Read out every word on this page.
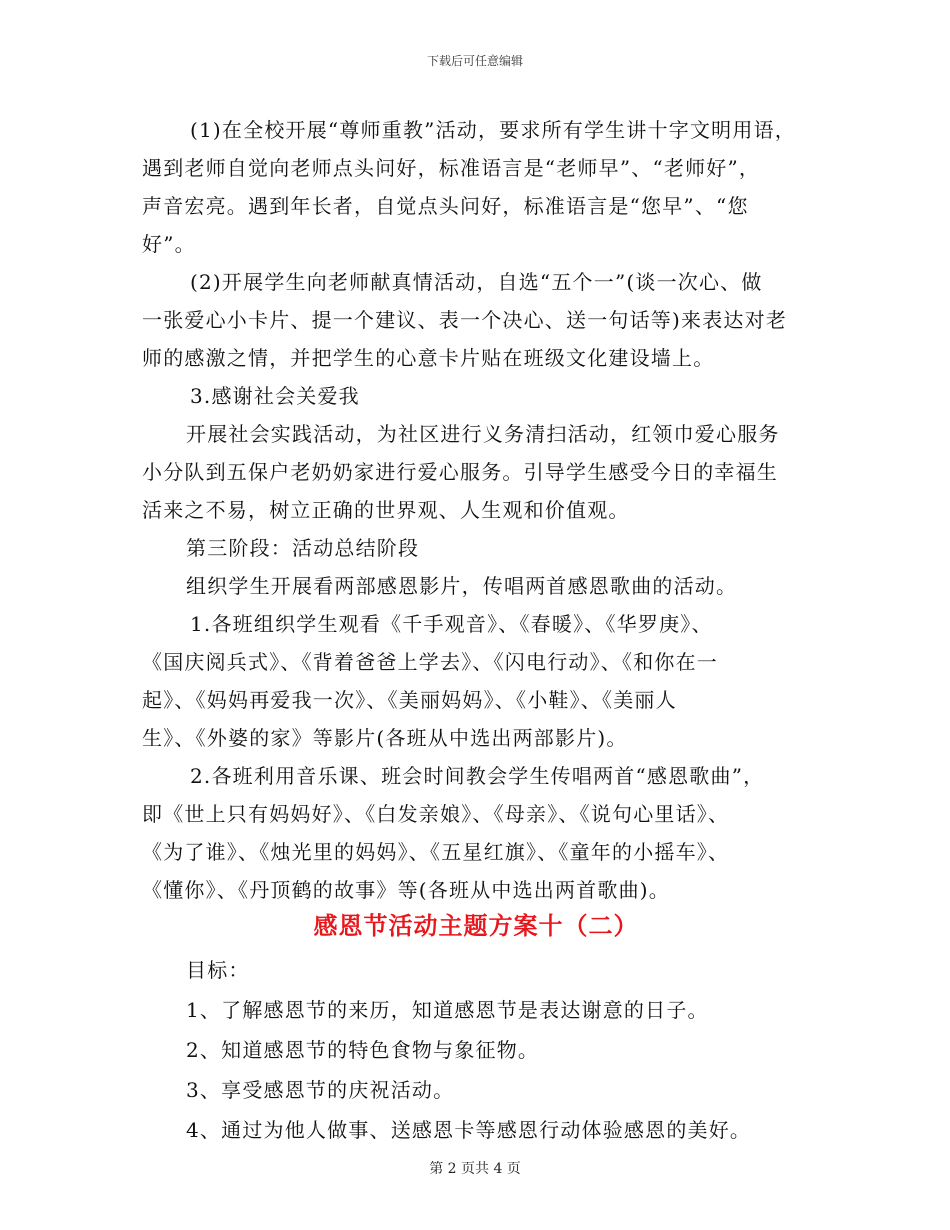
下载后可任意编辑
(1)在全校开展“尊师重教”活动，要求所有学生讲十字文明用语，
遇到老师自觉向老师点头问好，标准语言是“老师早”、“老师好”，
声音宏亮。遇到年长者，自觉点头问好，标准语言是“您早”、“您
好”。
(2)开展学生向老师献真情活动，自选“五个一”(谈一次心、做
一张爱心小卡片、提一个建议、表一个决心、送一句话等)来表达对老
师的感激之情，并把学生的心意卡片贴在班级文化建设墙上。
3.感谢社会关爱我
开展社会实践活动，为社区进行义务清扫活动，红领巾爱心服务
小分队到五保户老奶奶家进行爱心服务。引导学生感受今日的幸福生
活来之不易，树立正确的世界观、人生观和价值观。
第三阶段：活动总结阶段
组织学生开展看两部感恩影片，传唱两首感恩歌曲的活动。
1.各班组织学生观看《千手观音》、《春暖》、《华罗庚》、
《国庆阅兵式》、《背着爸爸上学去》、《闪电行动》、《和你在一
起》、《妈妈再爱我一次》、《美丽妈妈》、《小鞋》、《美丽人
生》、《外婆的家》等影片(各班从中选出两部影片)。
2.各班利用音乐课、班会时间教会学生传唱两首“感恩歌曲”，
即《世上只有妈妈好》、《白发亲娘》、《母亲》、《说句心里话》、
《为了谁》、《烛光里的妈妈》、《五星红旗》、《童年的小摇车》、
《懂你》、《丹顶鹤的故事》等(各班从中选出两首歌曲)。
感恩节活动主题方案十（二）
目标：
1、了解感恩节的来历，知道感恩节是表达谢意的日子。
2、知道感恩节的特色食物与象征物。
3、享受感恩节的庆祝活动。
4、通过为他人做事、送感恩卡等感恩行动体验感恩的美好。
第 2 页共 4 页
